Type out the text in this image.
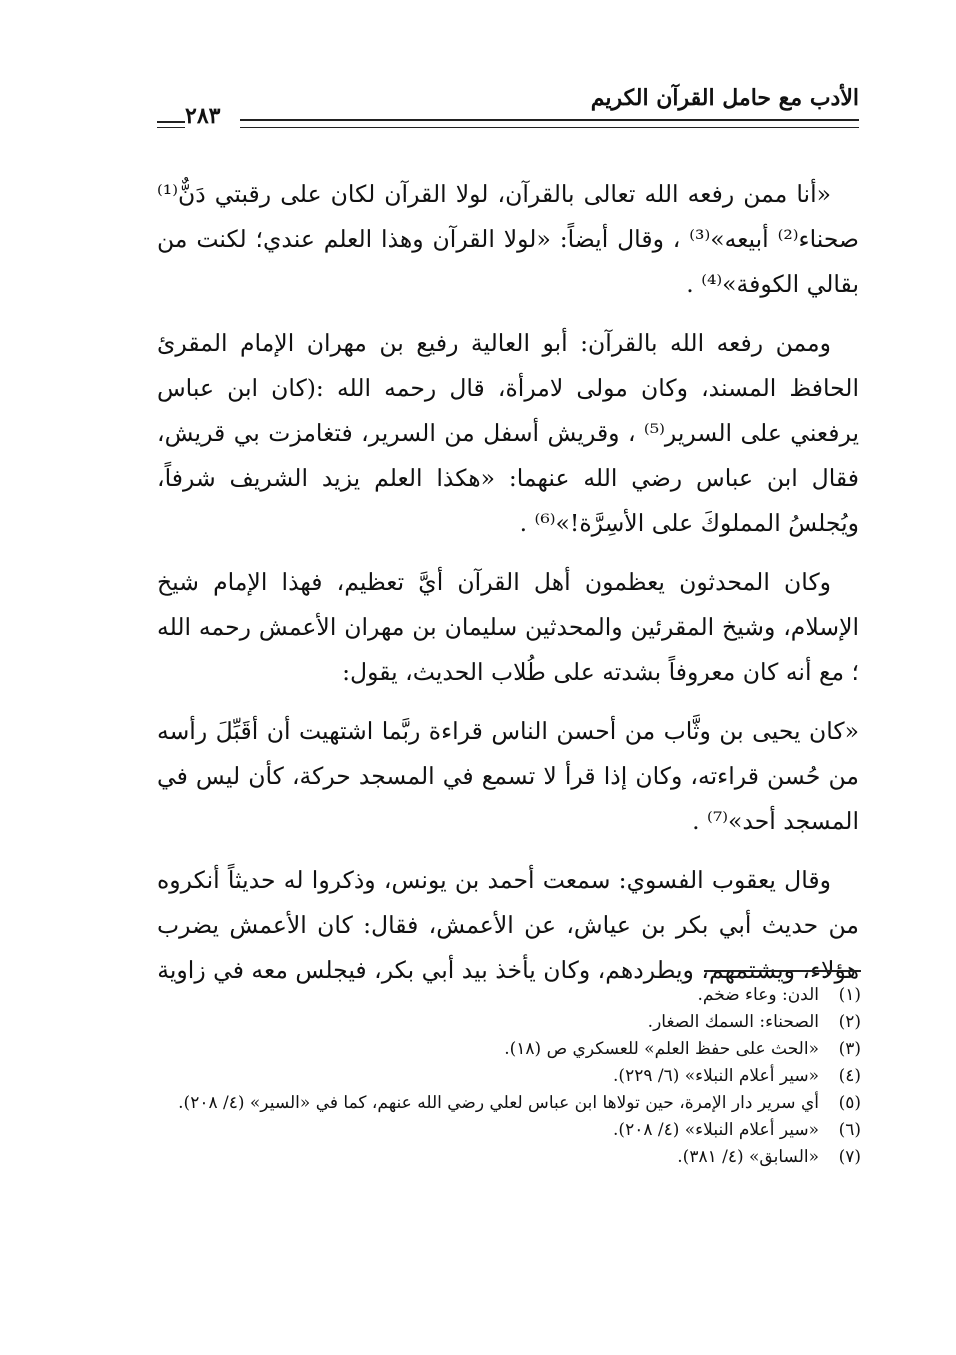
الأدب مع حامل القرآن الكريم
٢٨٣

«أنا ممن رفعه الله تعالى بالقرآن، لولا القرآن لكان على رقبتي دَنٌّ⁽¹⁾ صحناء⁽²⁾ أبيعه»⁽³⁾ ، وقال أيضاً: «لولا القرآن وهذا العلم عندي؛ لكنت من بقالي الكوفة»⁽⁴⁾ .

وممن رفعه الله بالقرآن: أبو العالية رفيع بن مهران الإمام المقرئ الحافظ المسند، وكان مولى لامرأة، قال رحمه الله :(كان ابن عباس يرفعني على السرير⁽⁵⁾ ، وقريش أسفل من السرير، فتغامزت بي قريش، فقال ابن عباس رضي الله عنهما: «هكذا العلم يزيد الشريف شرفاً، ويُجلسُ المملوكَ على الأسِرَّة!»⁽⁶⁾ .

وكان المحدثون يعظمون أهل القرآن أيَّ تعظيم، فهذا الإمام شيخ الإسلام، وشيخ المقرئين والمحدثين سليمان بن مهران الأعمش رحمه الله ؛ مع أنه كان معروفاً بشدته على طُلاب الحديث، يقول:

«كان يحيى بن وثَّاب من أحسن الناس قراءة ربَّما اشتهيت أن أقَبِّلَ رأسه من حُسن قراءته، وكان إذا قرأ لا تسمع في المسجد حركة، كأن ليس في المسجد أحد»⁽⁷⁾ .

وقال يعقوب الفسوي: سمعت أحمد بن يونس، وذكروا له حديثاً أنكروه من حديث أبي بكر بن عياش، عن الأعمش، فقال: كان الأعمش يضرب هؤلاء، ويشتمهم، ويطردهم، وكان يأخذ بيد أبي بكر، فيجلس معه في زاوية

(١)
الدن: وعاء ضخم.
(٢)
الصحناء: السمك الصغار.
(٣)
«الحث على حفظ العلم» للعسكري ص (١٨).
(٤)
«سير أعلام النبلاء» (٦/ ٢٢٩).
(٥)
أي سرير دار الإمرة، حين تولاها ابن عباس لعلي رضي الله عنهم، كما في «السير» (٤/ ٢٠٨).
(٦)
«سير أعلام النبلاء» (٤/ ٢٠٨).
(٧)
«السابق» (٤/ ٣٨١).
